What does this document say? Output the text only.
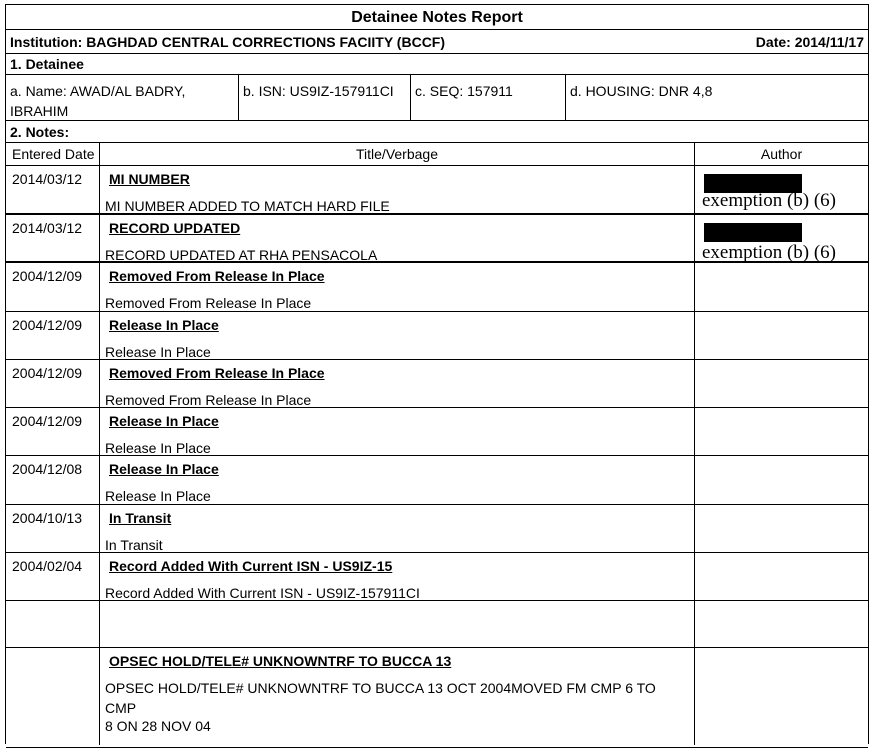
Detainee Notes Report
Institution: BAGHDAD CENTRAL CORRECTIONS FACIITY (BCCF)	Date: 2014/11/17
1. Detainee
a. Name: AWAD/AL BADRY, IBRAHIM
b. ISN: US9IZ-157911CI	c. SEQ: 157911	d. HOUSING: DNR 4,8
2. Notes:
Entered Date	Title/Verbage	Author
2014/03/12 MI NUMBER
MI NUMBER ADDED TO MATCH HARD FILE	exemption (b) (6)
2014/03/12 RECORD UPDATED
RECORD UPDATED AT RHA PENSACOLA	exemption (b) (6)
2004/12/09 Removed From Release In Place
Removed From Release In Place
2004/12/09 Release In Place
Release In Place
2004/12/09 Removed From Release In Place
Removed From Release In Place
2004/12/09 Release In Place
Release In Place
2004/12/08 Release In Place
Release In Place
2004/10/13 In Transit
In Transit
2004/02/04 Record Added With Current ISN - US9IZ-15
Record Added With Current ISN - US9IZ-157911CI
OPSEC HOLD/TELE# UNKNOWNTRF TO BUCCA 13
OPSEC HOLD/TELE# UNKNOWNTRF TO BUCCA 13 OCT 2004MOVED FM CMP 6 TO CMP
8 ON 28 NOV 04
